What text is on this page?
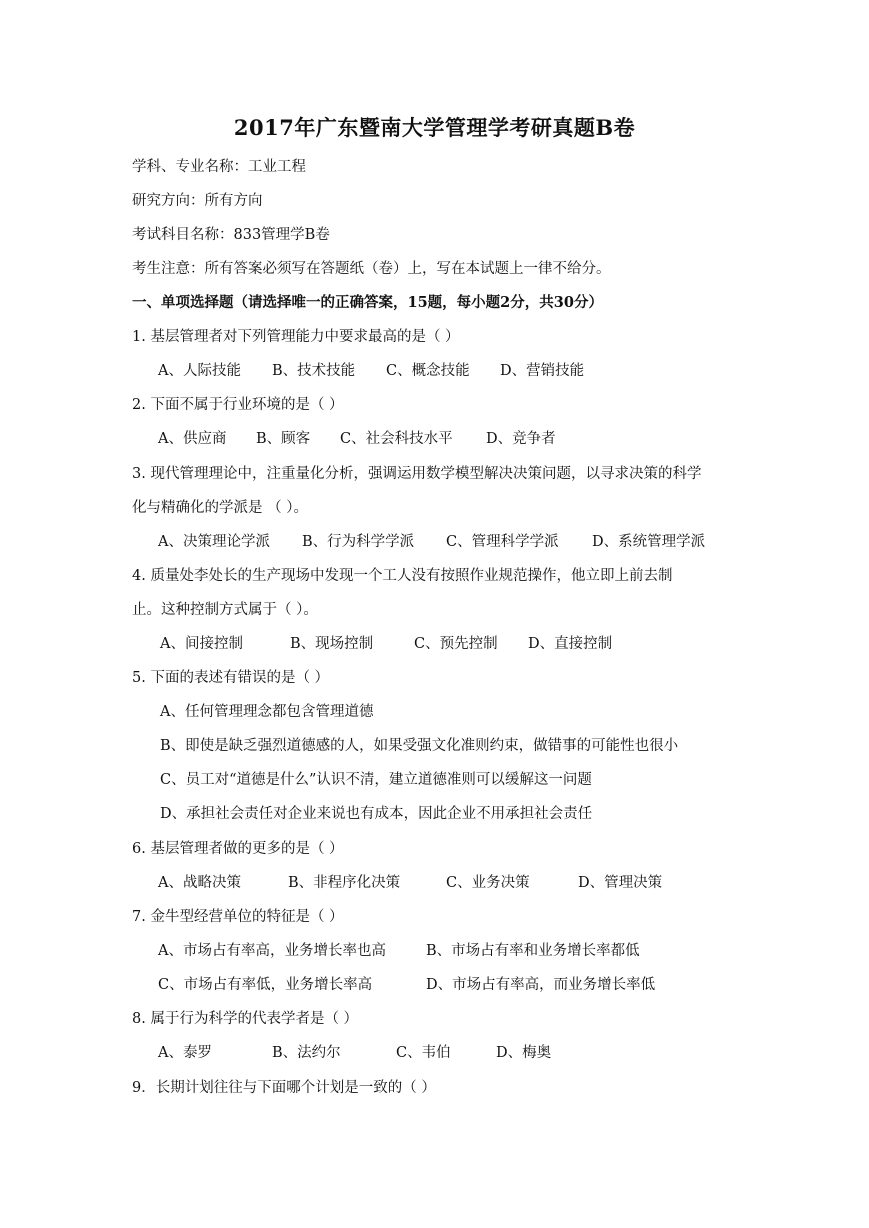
2017年广东暨南大学管理学考研真题B卷
学科、专业名称：工业工程
研究方向：所有方向
考试科目名称：833管理学B卷
考生注意：所有答案必须写在答题纸（卷）上，写在本试题上一律不给分。
一、单项选择题（请选择唯一的正确答案，15题，每小题2分，共30分）
1. 基层管理者对下列管理能力中要求最高的是（ ）
A、人际技能 B、技术技能 C、概念技能 D、营销技能
2. 下面不属于行业环境的是（ ）
A、供应商 B、顾客 C、社会科技水平 D、竞争者
3. 现代管理理论中，注重量化分析，强调运用数学模型解决决策问题，以寻求决策的科学
化与精确化的学派是 （ ）。
A、决策理论学派 B、行为科学学派 C、管理科学学派 D、系统管理学派
4. 质量处李处长的生产现场中发现一个工人没有按照作业规范操作，他立即上前去制
止。这种控制方式属于（ ）。
A、间接控制	B、现场控制	C、预先控制 D、直接控制
5. 下面的表述有错误的是（ ）
A、任何管理理念都包含管理道德
B、即使是缺乏强烈道德感的人，如果受强文化准则约束，做错事的可能性也很小
C、员工对“道德是什么”认识不清，建立道德准则可以缓解这一问题
D、承担社会责任对企业来说也有成本，因此企业不用承担社会责任
6. 基层管理者做的更多的是（ ）
A、战略决策	B、非程序化决策	C、业务决策	D、管理决策
7. 金牛型经营单位的特征是（ ）
A、市场占有率高，业务增长率也高	B、市场占有率和业务增长率都低
C、市场占有率低，业务增长率高	D、市场占有率高，而业务增长率低
8. 属于行为科学的代表学者是（ ）
A、泰罗	B、法约尔	C、韦伯	D、梅奥
9．长期计划往往与下面哪个计划是一致的（ ）
